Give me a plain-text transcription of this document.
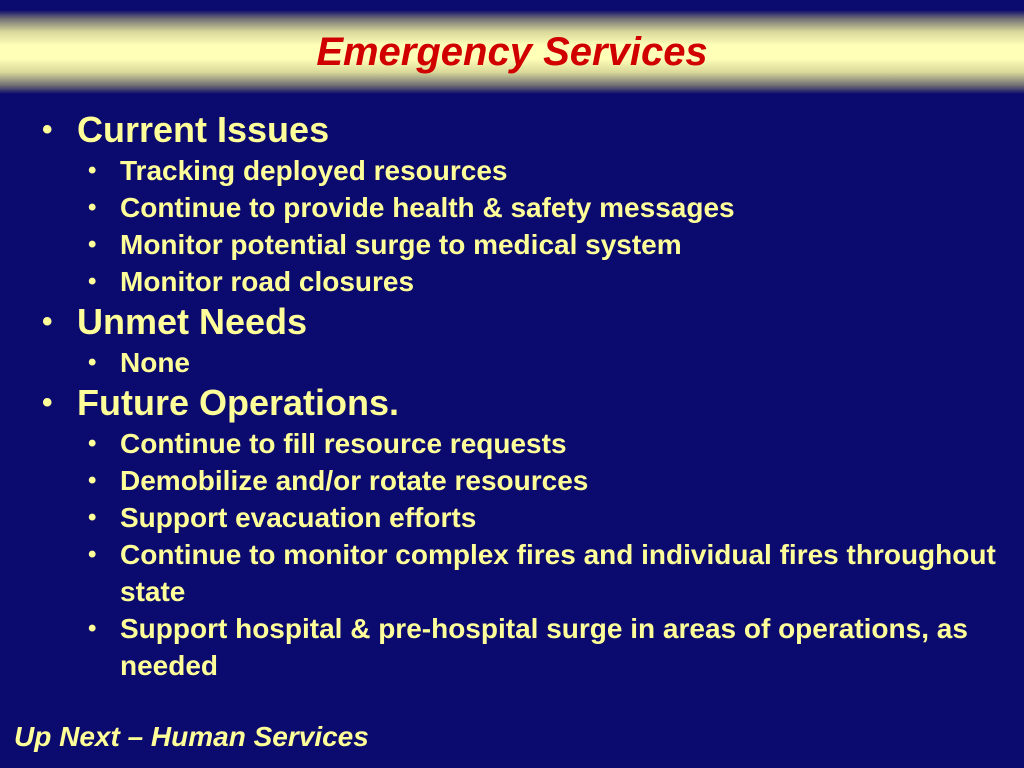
Emergency Services
• Current Issues
• Tracking deployed resources
• Continue to provide health & safety messages
• Monitor potential surge to medical system
• Monitor road closures
• Unmet Needs
• None
• Future Operations.
• Continue to fill resource requests
• Demobilize and/or rotate resources
• Support evacuation efforts
• Continue to monitor complex fires and individual fires throughout state
• Support hospital & pre-hospital surge in areas of operations, as needed
Up Next – Human Services
